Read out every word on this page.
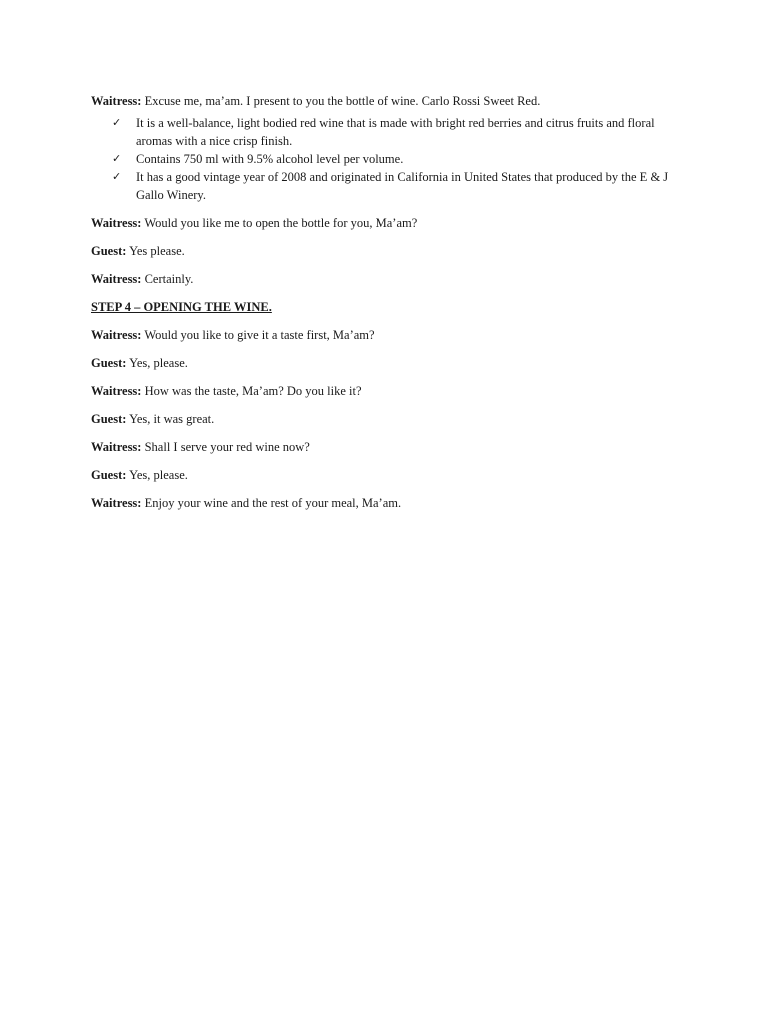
Waitress: Excuse me, ma’am. I present to you the bottle of wine. Carlo Rossi Sweet Red.

✓ It is a well-balance, light bodied red wine that is made with bright red berries and citrus fruits and floral aromas with a nice crisp finish.
✓ Contains 750 ml with 9.5% alcohol level per volume.
✓ It has a good vintage year of 2008 and originated in California in United States that produced by the E & J Gallo Winery.

Waitress: Would you like me to open the bottle for you, Ma’am?

Guest: Yes please.

Waitress: Certainly.

STEP 4 – OPENING THE WINE.

Waitress: Would you like to give it a taste first, Ma’am?

Guest: Yes, please.

Waitress: How was the taste, Ma’am? Do you like it?

Guest: Yes, it was great.

Waitress: Shall I serve your red wine now?

Guest: Yes, please.

Waitress: Enjoy your wine and the rest of your meal, Ma’am.
